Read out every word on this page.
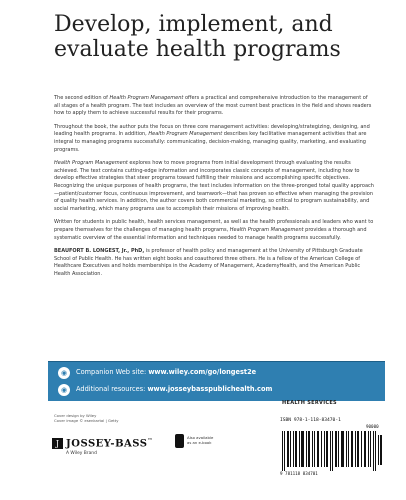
Develop, implement, and evaluate health programs

The second edition of Health Program Management offers a practical and comprehensive introduction to the management of all stages of a health program. The text includes an overview of the most current best practices in the field and shows readers how to apply them to achieve successful results for their programs.

Throughout the book, the author puts the focus on three core management activities: developing/strategizing, designing, and leading health programs. In addition, Health Program Management describes key facilitative management activities that are integral to managing programs successfully: communicating, decision-making, managing quality, marketing, and evaluating programs.

Health Program Management explores how to move programs from initial development through evaluating the results achieved. The text contains cutting-edge information and incorporates classic concepts of management, including how to develop effective strategies that steer programs toward fulfilling their missions and accomplishing specific objectives. Recognizing the unique purposes of health programs, the text includes information on the three-pronged total quality approach—patient/customer focus, continuous improvement, and teamwork—that has proven so effective when managing the provision of quality health services. In addition, the author covers both commercial marketing, so critical to program sustainability, and social marketing, which many programs use to accomplish their missions of improving health.

Written for students in public health, health services management, as well as the health professionals and leaders who want to prepare themselves for the challenges of managing health programs, Health Program Management provides a thorough and systematic overview of the essential information and techniques needed to manage health programs successfully.

BEAUFORT B. LONGEST, Jr., PhD, is professor of health policy and management at the University of Pittsburgh Graduate School of Public Health. He has written eight books and coauthored three others. He is a fellow of the American College of Healthcare Executives and holds memberships in the Academy of Management, AcademyHealth, and the American Public Health Association.

◉	Companion Web site: www.wiley.com/go/longest2e
◉	Additional resources: www.josseybasspublichealth.com
HEALTH SERVICES
Cover design by Wiley
Cover image © esenkartal | Getty
J JOSSEY-BASS™
A Wiley Brand
Also available
as an e-book
ISBN 978-1-118-83470-1
90000
9 781118 834701
